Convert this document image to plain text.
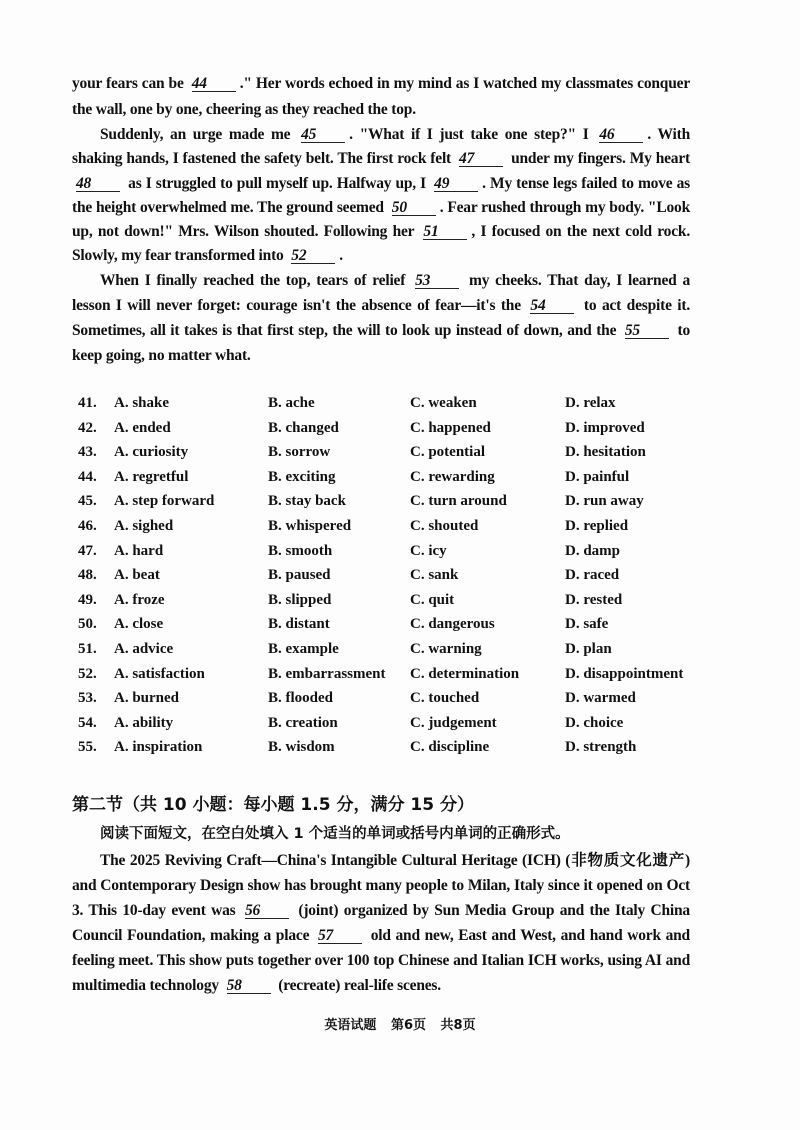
your fears can be 44 ." Her words echoed in my mind as I watched my classmates conquer
the wall, one by one, cheering as they reached the top.
Suddenly, an urge made me 45 . "What if I just take one step?" I 46 . With
shaking hands, I fastened the safety belt. The first rock felt 47 under my fingers. My heart
48 as I struggled to pull myself up. Halfway up, I 49 . My tense legs failed to move as
the height overwhelmed me. The ground seemed 50 . Fear rushed through my body. "Look
up, not down!" Mrs. Wilson shouted. Following her 51 , I focused on the next cold rock.
Slowly, my fear transformed into 52 .
When I finally reached the top, tears of relief 53 my cheeks. That day, I learned a
lesson I will never forget: courage isn't the absence of fear—it's the 54 to act despite it.
Sometimes, all it takes is that first step, the will to look up instead of down, and the 55 to
keep going, no matter what.
41. A. shake	B. ache	C. weaken	D. relax
42. A. ended	B. changed	C. happened	D. improved
43. A. curiosity	B. sorrow	C. potential	D. hesitation
44. A. regretful	B. exciting	C. rewarding	D. painful
45. A. step forward	B. stay back	C. turn around	D. run away
46. A. sighed	B. whispered	C. shouted	D. replied
47. A. hard	B. smooth	C. icy	D. damp
48. A. beat	B. paused	C. sank	D. raced
49. A. froze	B. slipped	C. quit	D. rested
50. A. close	B. distant	C. dangerous	D. safe
51. A. advice	B. example	C. warning	D. plan
52. A. satisfaction	B. embarrassment C. determination	D. disappointment
53. A. burned	B. flooded	C. touched	D. warmed
54. A. ability	B. creation	C. judgement	D. choice
55. A. inspiration	B. wisdom	C. discipline	D. strength
第二节（共 10 小题：每小题 1.5 分，满分 15 分）
阅读下面短文，在空白处填入 1 个适当的单词或括号内单词的正确形式。
The 2025 Reviving Craft—China's Intangible Cultural Heritage (ICH) (非物质文化遗产)
and Contemporary Design show has brought many people to Milan, Italy since it opened on Oct
3. This 10-day event was 56 (joint) organized by Sun Media Group and the Italy China
Council Foundation, making a place 57 old and new, East and West, and hand work and
feeling meet. This show puts together over 100 top Chinese and Italian ICH works, using AI and
multimedia technology 58 (recreate) real-life scenes.
英语试题 第6页 共8页
